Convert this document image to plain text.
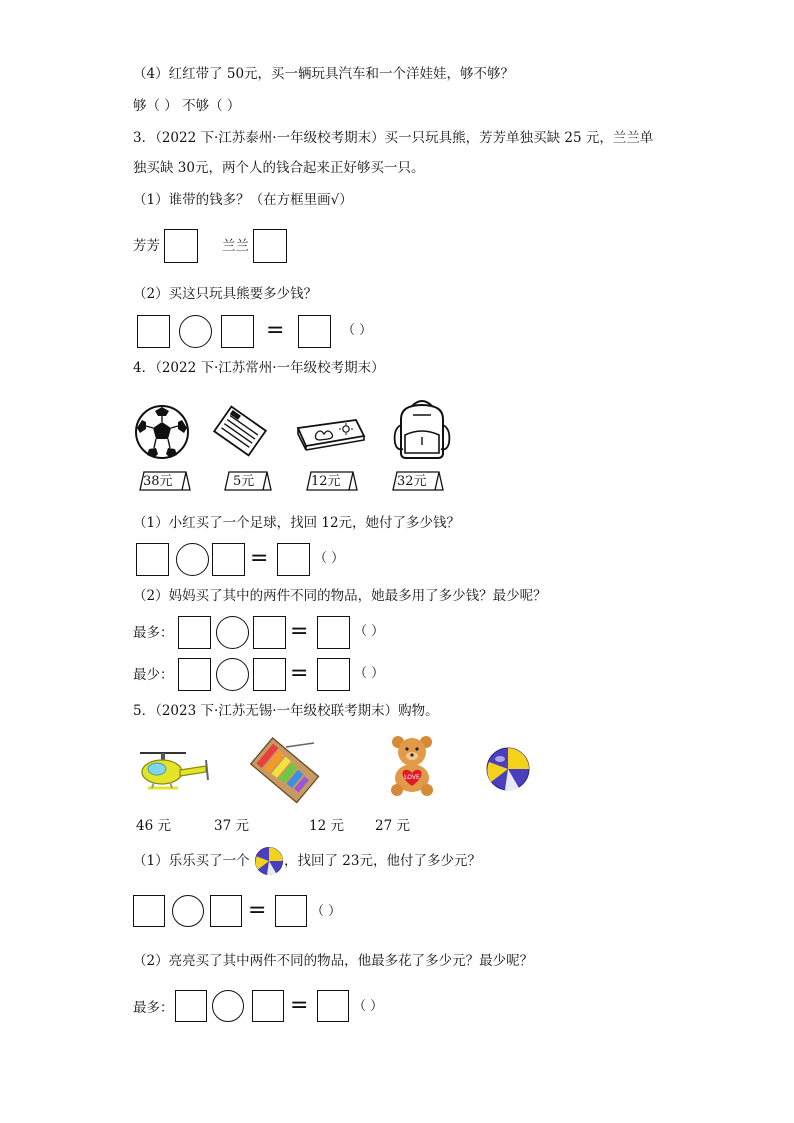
（4）红红带了 50元，买一辆玩具汽车和一个洋娃娃，够不够？
够（ ） 不够（ ）
3．（2022 下·江苏泰州·一年级校考期末）买一只玩具熊，芳芳单独买缺 25 元，兰兰单
独买缺 30元，两个人的钱合起来正好够买一只。
（1）谁带的钱多？（在方框里画√）
芳芳	兰兰
（2）买这只玩具熊要多少钱？
=	（ ）
4．（2022 下·江苏常州·一年级校考期末）
38元	5元	12元	32元
（1）小红买了一个足球，找回 12元，她付了多少钱？
=	（ ）
（2）妈妈买了其中的两件不同的物品，她最多用了多少钱？最少呢？
最多：	=	（ ）
最少：	=	（ ）
5．（2023 下·江苏无锡·一年级校联考期末）购物。
LOVE
46 元	37 元	12 元 27 元
（1）乐乐买了一个	，找回了 23元，他付了多少元？
=	（ ）
（2）亮亮买了其中两件不同的物品，他最多花了多少元？最少呢？
最多：	=	（ ）
